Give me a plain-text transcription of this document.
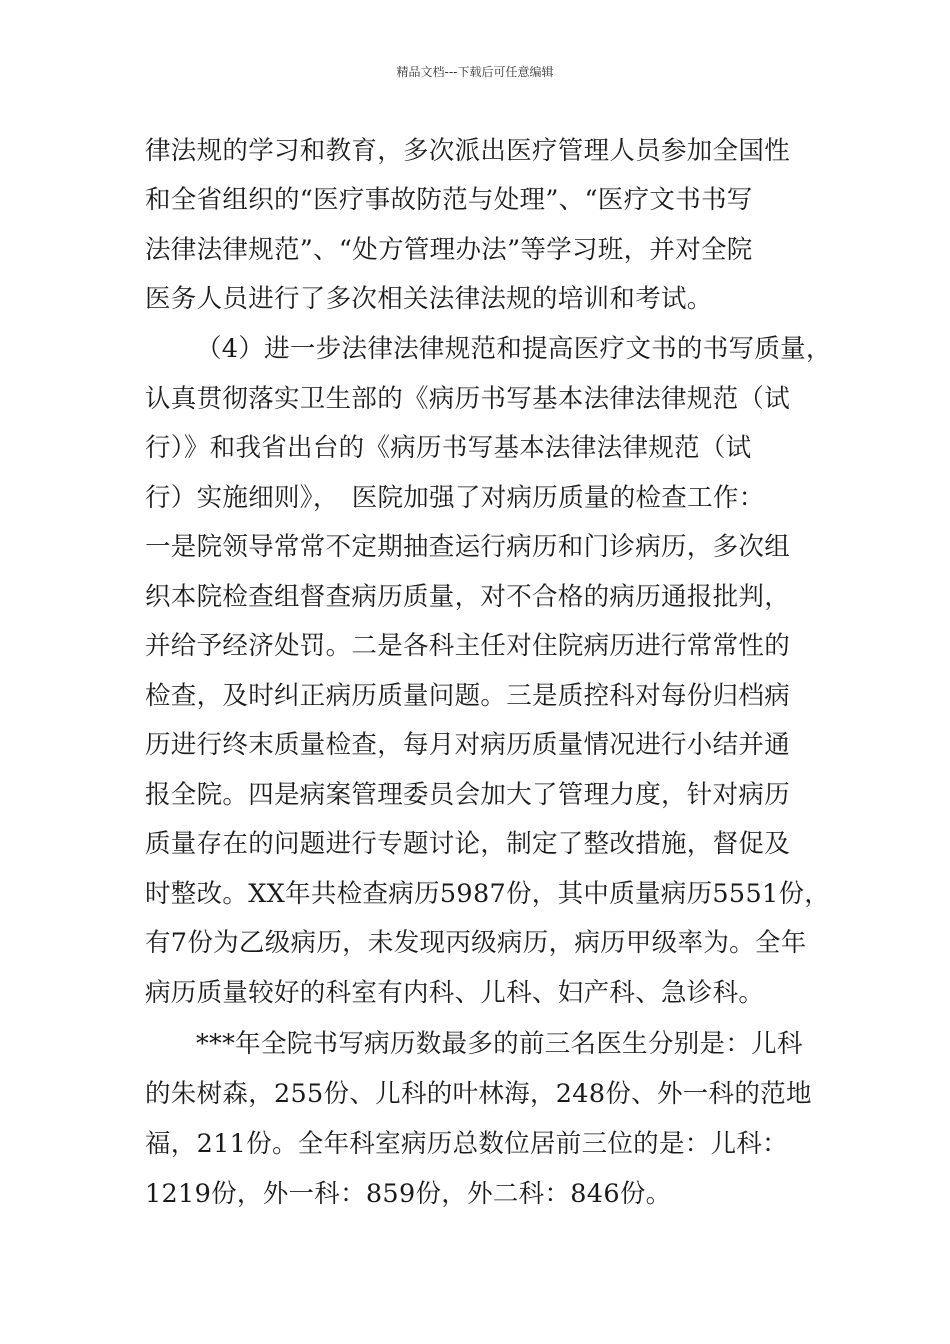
精品文档---下载后可任意编辑
律法规的学习和教育，多次派出医疗管理人员参加全国性
和全省组织的“医疗事故防范与处理”、“医疗文书书写
法律法律规范”、“处方管理办法”等学习班，并对全院
医务人员进行了多次相关法律法规的培训和考试。
（4）进一步法律法律规范和提高医疗文书的书写质量，
认真贯彻落实卫生部的《病历书写基本法律法律规范（试
行）》和我省出台的《病历书写基本法律法律规范（试
行）实施细则》，　医院加强了对病历质量的检查工作：
一是院领导常常不定期抽查运行病历和门诊病历，多次组
织本院检查组督查病历质量，对不合格的病历通报批判，
并给予经济处罚。二是各科主任对住院病历进行常常性的
检查，及时纠正病历质量问题。三是质控科对每份归档病
历进行终末质量检查，每月对病历质量情况进行小结并通
报全院。四是病案管理委员会加大了管理力度，针对病历
质量存在的问题进行专题讨论，制定了整改措施，督促及
时整改。XX年共检查病历5987份，其中质量病历5551份，
有7份为乙级病历，未发现丙级病历，病历甲级率为。全年
病历质量较好的科室有内科、儿科、妇产科、急诊科。
***年全院书写病历数最多的前三名医生分别是：儿科
的朱树森，255份、儿科的叶林海，248份、外一科的范地
福，211份。全年科室病历总数位居前三位的是：儿科：
1219份，外一科：859份，外二科：846份。
